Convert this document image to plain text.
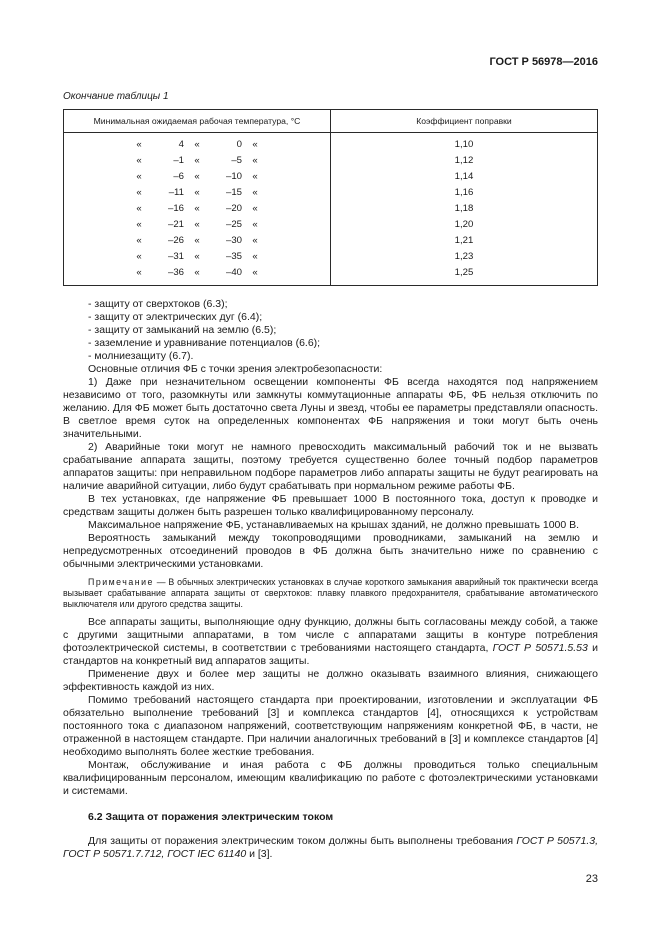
ГОСТ Р 56978—2016
Окончание таблицы 1
Минимальная ожидаемая рабочая температура, °С	Коэффициент поправки

« 4 « 0 «	1,10

« –1 « –5 «	1,12

« –6 « –10 «	1,14

« –11 « –15 «	1,16

« –16 « –20 «	1,18

« –21 « –25 «	1,20

« –26 « –30 «	1,21

« –31 « –35 «	1,23

« –36 « –40 «	1,25

- защиту от сверхтоков (6.3);

- защиту от электрических дуг (6.4);

- защиту от замыканий на землю (6.5);

- заземление и уравнивание потенциалов (6.6);

- молниезащиту (6.7).

Основные отличия ФБ с точки зрения электробезопасности:

1) Даже при незначительном освещении компоненты ФБ всегда находятся под напряжением независимо от того, разомкнуты или замкнуты коммутационные аппараты ФБ, ФБ нельзя отключить по желанию. Для ФБ может быть достаточно света Луны и звезд, чтобы ее параметры представляли опасность. В светлое время суток на определенных компонентах ФБ напряжения и токи могут быть очень значительными.

2) Аварийные токи могут не намного превосходить максимальный рабочий ток и не вызвать срабатывание аппарата защиты, поэтому требуется существенно более точный подбор параметров аппаратов защиты: при неправильном подборе параметров либо аппараты защиты не будут реагировать на наличие аварийной ситуации, либо будут срабатывать при нормальном режиме работы ФБ.

В тех установках, где напряжение ФБ превышает 1000 В постоянного тока, доступ к проводке и средствам защиты должен быть разрешен только квалифицированному персоналу.

Максимальное напряжение ФБ, устанавливаемых на крышах зданий, не должно превышать 1000 В.

Вероятность замыканий между токопроводящими проводниками, замыканий на землю и непредусмотренных отсоединений проводов в ФБ должна быть значительно ниже по сравнению с обычными электрическими установками.

Примечание — В обычных электрических установках в случае короткого замыкания аварийный ток практически всегда вызывает срабатывание аппарата защиты от сверхтоков: плавку плавкого предохранителя, срабатывание автоматического выключателя или другого средства защиты.

Все аппараты защиты, выполняющие одну функцию, должны быть согласованы между собой, а также с другими защитными аппаратами, в том числе с аппаратами защиты в контуре потребления фотоэлектрической системы, в соответствии с требованиями настоящего стандарта, ГОСТ Р 50571.5.53 и стандартов на конкретный вид аппаратов защиты.

Применение двух и более мер защиты не должно оказывать взаимного влияния, снижающего эффективность каждой из них.

Помимо требований настоящего стандарта при проектировании, изготовлении и эксплуатации ФБ обязательно выполнение требований [3] и комплекса стандартов [4], относящихся к устройствам постоянного тока с диапазоном напряжений, соответствующим напряжениям конкретной ФБ, в части, не отраженной в настоящем стандарте. При наличии аналогичных требований в [3] и комплексе стандартов [4] необходимо выполнять более жесткие требования.

Монтаж, обслуживание и иная работа с ФБ должны проводиться только специальным квалифицированным персоналом, имеющим квалификацию по работе с фотоэлектрическими установками и системами.

6.2 Защита от поражения электрическим током

Для защиты от поражения электрическим током должны быть выполнены требования ГОСТ Р 50571.3, ГОСТ Р 50571.7.712, ГОСТ IEC 61140 и [3].

23
